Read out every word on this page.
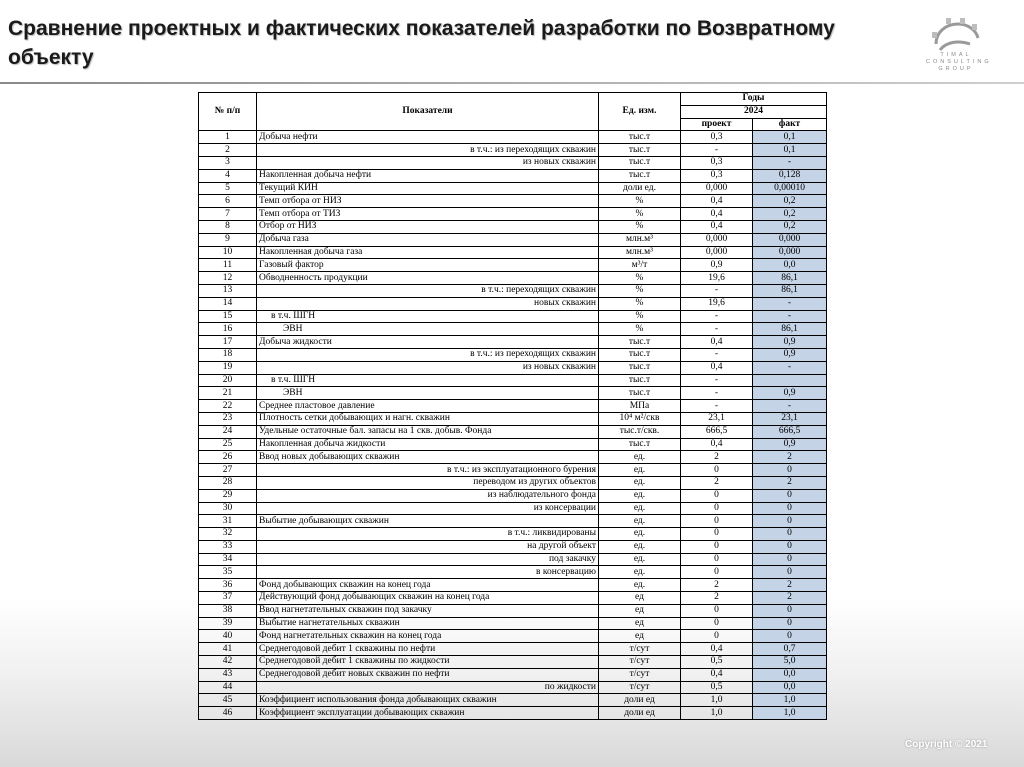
Сравнение проектных и фактических показателей разработки по Возвратному объекту	TIMAL CONSULTING GROUP
№ п/п	Показатели	Ед. изм.	Годы	
			2024	
			проект	факт
1	Добыча нефти	тыс.т	0,3	0,1
2	в т.ч.: из переходящих скважин	тыс.т	-	0,1
3	из новых скважин	тыс.т	0,3	-
4	Накопленная добыча нефти	тыс.т	0,3	0,128
5	Текущий КИН	доли ед.	0,000	0,00010
6	Темп отбора от НИЗ	%	0,4	0,2
7	Темп отбора от ТИЗ	%	0,4	0,2
8	Отбор от НИЗ	%	0,4	0,2
9	Добыча газа	млн.м³	0,000	0,000
10	Накопленная добыча газа	млн.м³	0,000	0,000
11	Газовый фактор	м³/т	0,9	0,0
12	Обводненность продукции	%	19,6	86,1
13	в т.ч.: переходящих скважин	%	-	86,1
14	новых скважин	%	19,6	-
15	в т.ч. ШГН	%	-	-
16	ЭВН	%	-	86,1
17	Добыча жидкости	тыс.т	0,4	0,9
18	в т.ч.: из переходящих скважин	тыс.т	-	0,9
19	из новых скважин	тыс.т	0,4	-
20	в т.ч. ШГН	тыс.т	-	
21	ЭВН	тыс.т	-	0,9
22	Среднее пластовое давление	МПа	-	-
23	Плотность сетки добывающих и нагн. скважин	10⁴ м²/скв	23,1	23,1
24	Удельные остаточные бал. запасы на 1 скв. добыв. Фонда	тыс.т/скв.	666,5	666,5
25	Накопленная добыча жидкости	тыс.т	0,4	0,9
26	Ввод новых добывающих скважин	ед.	2	2
27	в т.ч.: из эксплуатационного бурения	ед.	0	0
28	переводом из других объектов	ед.	2	2
29	из наблюдательного фонда	ед.	0	0
30	из консервации	ед.	0	0
31	Выбытие добывающих скважин	ед.	0	0
32	в т.ч.: ликвидированы	ед.	0	0
33	на другой объект	ед.	0	0
34	под закачку	ед.	0	0
35	в консервацию	ед.	0	0
36	Фонд добывающих скважин на конец года	ед.	2	2
37	Действующий фонд добывающих скважин на конец года	ед	2	2
38	Ввод нагнетательных скважин под закачку	ед	0	0
39	Выбытие нагнетательных скважин	ед	0	0
40	Фонд нагнетательных скважин на конец года	ед	0	0
41	Среднегодовой дебит 1 скважины по нефти	т/сут	0,4	0,7
42	Среднегодовой дебит 1 скважины по жидкости	т/сут	0,5	5,0
43	Среднегодовой дебит новых скважин по нефти	т/сут	0,4	0,0
44	по жидкости	т/сут	0,5	0,0
45	Коэффициент использования фонда добывающих скважин	доли ед	1,0	1,0
46	Коэффициент эксплуатации добывающих скважин	доли ед	1,0	1,0
Copyright © 2021
